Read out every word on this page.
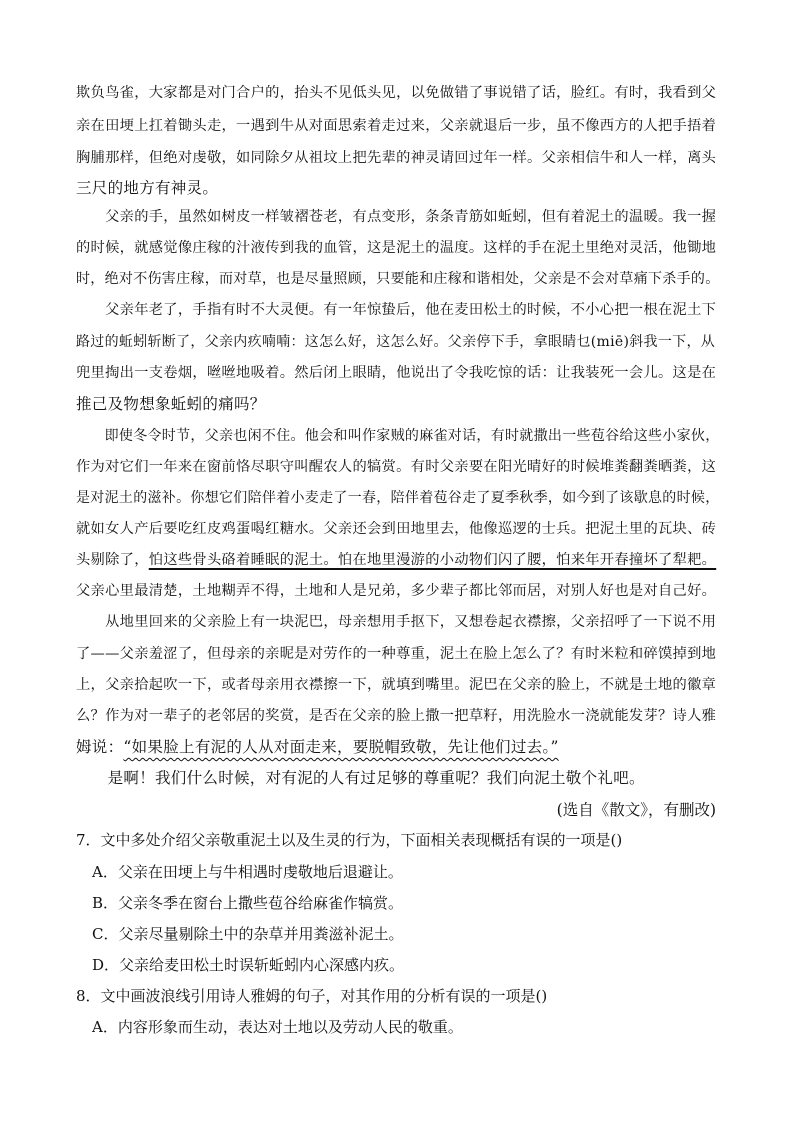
欺负鸟雀，大家都是对门合户的，抬头不见低头见，以免做错了事说错了话，脸红。有时，我看到父
亲在田埂上扛着锄头走，一遇到牛从对面思索着走过来，父亲就退后一步，虽不像西方的人把手捂着
胸脯那样，但绝对虔敬，如同除夕从祖坟上把先辈的神灵请回过年一样。父亲相信牛和人一样，离头
三尺的地方有神灵。
　　父亲的手，虽然如树皮一样皱褶苍老，有点变形，条条青筋如蚯蚓，但有着泥土的温暖。我一握
的时候，就感觉像庄稼的汁液传到我的血管，这是泥土的温度。这样的手在泥土里绝对灵活，他锄地
时，绝对不伤害庄稼，而对草，也是尽量照顾，只要能和庄稼和谐相处，父亲是不会对草痛下杀手的。
　　父亲年老了，手指有时不大灵便。有一年惊蛰后，他在麦田松土的时候，不小心把一根在泥土下
路过的蚯蚓斩断了，父亲内疚喃喃：这怎么好，这怎么好。父亲停下手，拿眼睛乜(miē)斜我一下，从
兜里掏出一支卷烟，咝咝地吸着。然后闭上眼睛，他说出了令我吃惊的话：让我装死一会儿。这是在
推己及物想象蚯蚓的痛吗？
　　即使冬令时节，父亲也闲不住。他会和叫作家贼的麻雀对话，有时就撒出一些苞谷给这些小家伙，
作为对它们一年来在窗前恪尽职守叫醒农人的犒赏。有时父亲要在阳光晴好的时候堆粪翻粪晒粪，这
是对泥土的滋补。你想它们陪伴着小麦走了一春，陪伴着苞谷走了夏季秋季，如今到了该歇息的时候，
就如女人产后要吃红皮鸡蛋喝红糖水。父亲还会到田地里去，他像巡逻的士兵。把泥土里的瓦块、砖
头剔除了，怕这些骨头硌着睡眠的泥土。怕在地里漫游的小动物们闪了腰，怕来年开春撞坏了犁耙。
父亲心里最清楚，土地糊弄不得，土地和人是兄弟，多少辈子都比邻而居，对别人好也是对自己好。
　　从地里回来的父亲脸上有一块泥巴，母亲想用手抠下，又想卷起衣襟擦，父亲招呼了一下说不用
了——父亲羞涩了，但母亲的亲昵是对劳作的一种尊重，泥土在脸上怎么了？有时米粒和碎馍掉到地
上，父亲拾起吹一下，或者母亲用衣襟擦一下，就填到嘴里。泥巴在父亲的脸上，不就是土地的徽章
么？作为对一辈子的老邻居的奖赏，是否在父亲的脸上撒一把草籽，用洗脸水一浇就能发芽？诗人雅
姆说：“如果脸上有泥的人从对面走来，要脱帽致敬，先让他们过去。”
　　是啊！我们什么时候，对有泥的人有过足够的尊重呢？我们向泥土敬个礼吧。
(选自《散文》，有删改)
7．文中多处介绍父亲敬重泥土以及生灵的行为，下面相关表现概括有误的一项是()
A．父亲在田埂上与牛相遇时虔敬地后退避让。
B．父亲冬季在窗台上撒些苞谷给麻雀作犒赏。
C．父亲尽量剔除土中的杂草并用粪滋补泥土。
D．父亲给麦田松土时误斩蚯蚓内心深感内疚。
8．文中画波浪线引用诗人雅姆的句子，对其作用的分析有误的一项是()
A．内容形象而生动，表达对土地以及劳动人民的敬重。
